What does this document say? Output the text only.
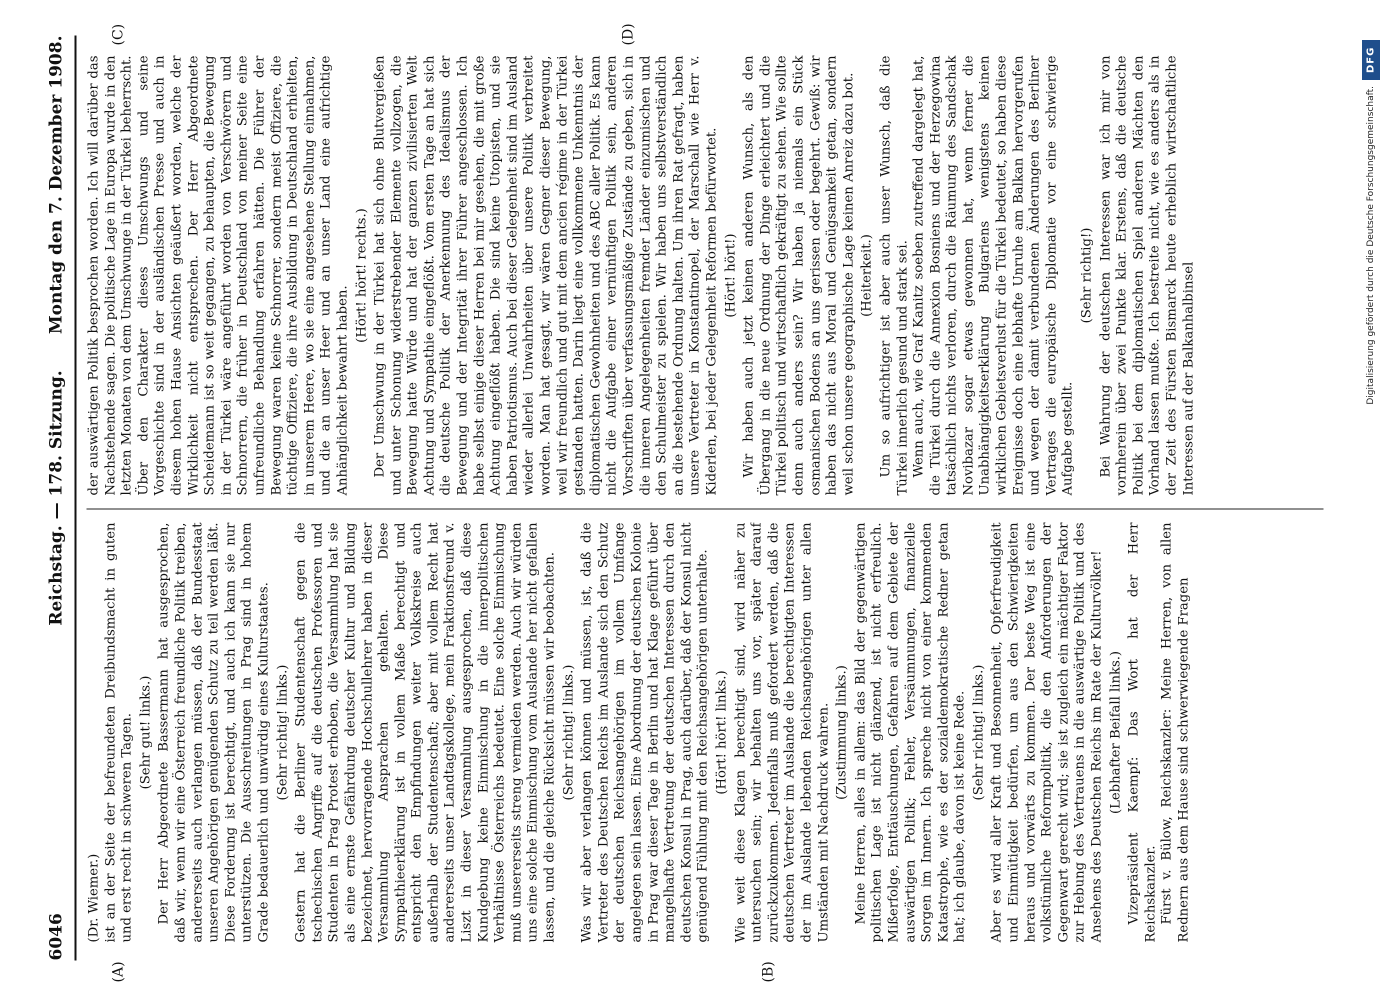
6046
Reichstag. — 178. Sitzung.
Montag den 7. Dezember 1908.
(A)	(B)
(C)	(D)

(Dr. Wiemer.) ist an der Seite der befreundeten Dreibundsmacht in guten und erst recht in schweren Tagen. (Sehr gut! links.) Der Herr Abgeordnete Bassermann hat ausgesprochen, daß wir, wenn wir eine Österreich freundliche Politik treiben, andererseits auch verlangen müssen, daß der Bundesstaat unseren Angehörigen genügenden Schutz zu teil werden läßt. Diese Forderung ist berechtigt, und auch ich kann sie nur unterstützen. Die Ausschreitungen in Prag sind in hohem Grade bedauerlich und unwürdig eines Kulturstaates. (Sehr richtig! links.) Gestern hat die Berliner Studentenschaft gegen die tschechischen Angriffe auf die deutschen Professoren und Studenten in Prag Protest erhoben, die Versammlung hat sie als eine ernste Gefährdung deutscher Kultur und Bildung bezeichnet, hervorragende Hochschullehrer haben in dieser Versammlung Ansprachen gehalten. Diese Sympathieerklärung ist in vollem Maße berechtigt und entspricht den Empfindungen weiter Volkskreise auch außerhalb der Studentenschaft; aber mit vollem Recht hat andererseits unser Landtagskollege, mein Fraktionsfreund v. Liszt in dieser Versammlung ausgesprochen, daß diese Kundgebung keine Einmischung in die innerpolitischen Verhältnisse Österreichs bedeutet. Eine solche Einmischung muß unsererseits streng vermieden werden. Auch wir würden uns eine solche Einmischung vom Auslande her nicht gefallen lassen, und die gleiche Rücksicht müssen wir beobachten. (Sehr richtig! links.) Was wir aber verlangen können und müssen, ist, daß die Vertreter des Deutschen Reichs im Auslande sich den Schutz der deutschen Reichsangehörigen im vollem Umfange angelegen sein lassen. Eine Abordnung der deutschen Kolonie in Prag war dieser Tage in Berlin und hat Klage geführt über mangelhafte Vertretung der deutschen Interessen durch den deutschen Konsul in Prag, auch darüber, daß der Konsul nicht genügend Fühlung mit den Reichsangehörigen unterhalte. (Hört! hört! links.) Wie weit diese Klagen berechtigt sind, wird näher zu untersuchen sein; wir behalten uns vor, später darauf zurückzukommen. Jedenfalls muß gefordert werden, daß die deutschen Vertreter im Auslande die berechtigten Interessen der im Auslande lebenden Reichsangehörigen unter allen Umständen mit Nachdruck wahren. (Zustimmung links.) Meine Herren, alles in allem: das Bild der gegenwärtigen politischen Lage ist nicht glänzend, ist nicht erfreulich. Mißerfolge, Enttäuschungen, Gefahren auf dem Gebiete der auswärtigen Politik; Fehler, Versäumnungen, finanzielle Sorgen im Innern. Ich spreche nicht von einer kommenden Katastrophe, wie es der sozialdemokratische Redner getan hat; ich glaube, davon ist keine Rede. (Sehr richtig! links.) Aber es wird aller Kraft und Besonnenheit, Opferfreudigkeit und Einmütigkeit bedürfen, um aus den Schwierigkeiten heraus und vorwärts zu kommen. Der beste Weg ist eine volkstümliche Reformpolitik, die den Anforderungen der Gegenwart gerecht wird; sie ist zugleich ein mächtiger Faktor zur Hebung des Vertrauens in die auswärtige Politik und des Ansehens des Deutschen Reichs im Rate der Kulturvölker! (Lebhafter Beifall links.) Vizepräsident Kaempf: Das Wort hat der Herr Reichskanzler. Fürst v. Bülow, Reichskanzler: Meine Herren, von allen Rednern aus dem Hause sind schwerwiegende Fragen

der auswärtigen Politik besprochen worden. Ich will darüber das Nachstehende sagen. Die politische Lage in Europa wurde in den letzten Monaten von dem Umschwunge in der Türkei beherrscht. Über den Charakter dieses Umschwungs und seine Vorgeschichte sind in der ausländischen Presse und auch in diesem hohen Hause Ansichten geäußert worden, welche der Wirklichkeit nicht entsprechen. Der Herr Abgeordnete Scheidemann ist so weit gegangen, zu behaupten, die Bewegung in der Türkei wäre angeführt worden von Verschwörern und Schnorrern, die früher in Deutschland von meiner Seite eine unfreundliche Behandlung erfahren hätten. Die Führer der Bewegung waren keine Schnorrer, sondern meist Offiziere, die tüchtige Offiziere, die ihre Ausbildung in Deutschland erhielten, in unserem Heere, wo sie eine angesehene Stellung einnahmen, und die an unser Heer und an unser Land eine aufrichtige Anhänglichkeit bewahrt haben.

(Hört! hört! rechts.) Der Umschwung in der Türkei hat sich ohne Blutvergießen und unter Schonung widerstrebender Elemente vollzogen, die Bewegung hatte Würde und hat der ganzen zivilisierten Welt Achtung und Sympathie eingeflößt. Vom ersten Tage an hat sich die deutsche Politik der Anerkennung des Idealismus der Bewegung und der Integrität ihrer Führer angeschlossen. Ich habe selbst einige dieser Herren bei mir gesehen, die mit große Achtung eingeflößt haben. Die sind keine Utopisten, und sie haben Patriotismus. Auch bei dieser Gelegenheit sind im Ausland wieder allerlei Unwahrheiten über unsere Politik verbreitet worden. Man hat gesagt, wir wären Gegner dieser Bewegung, weil wir freundlich und gut mit dem ancien régime in der Türkei gestanden hatten. Darin liegt eine vollkommene Unkenntnis der diplomatischen Gewohnheiten und des ABC aller Politik. Es kann nicht die Aufgabe einer vernünftigen Politik sein, anderen Vorschriften über verfassungsmäßige Zustände zu geben, sich in die inneren Angelegenheiten fremder Länder einzumischen und den Schulmeister zu spielen. Wir haben uns selbstverständlich an die bestehende Ordnung halten. Um ihren Rat gefragt, haben unsere Vertreter in Konstantinopel, der Marschall wie Herr v. Kiderlen, bei jeder Gelegenheit Reformen befürwortet. (Hört! hört!) Wir haben auch jetzt keinen anderen Wunsch, als den Übergang in die neue Ordnung der Dinge erleichtert und die Türkei politisch und wirtschaftlich gekräftigt zu sehen. Wie sollte denn auch anders sein? Wir haben ja niemals ein Stück osmanischen Bodens an uns gerissen oder begehrt. Gewiß: wir haben das nicht aus Moral und Genügsamkeit getan, sondern weil schon unsere geographische Lage keinen Anreiz dazu bot. (Heiterkeit.) Um so aufrichtiger ist aber auch unser Wunsch, daß die Türkei innerlich gesund und stark sei. Wenn auch, wie Graf Kanitz soeben zutreffend dargelegt hat, die Türkei durch die Annexion Bosniens und der Herzegowina tatsächlich nichts verloren, durch die Räumung des Sandschak Novibazar sogar etwas gewonnen hat, wenn ferner die Unabhängigkeitserklärung Bulgariens wenigstens keinen wirklichen Gebietsverlust für die Türkei bedeutet, so haben diese Ereignisse doch eine lebhafte Unruhe am Balkan hervorgerufen und wegen der damit verbundenen Änderungen des Berliner Vertrages die europäische Diplomatie vor eine schwierige Aufgabe gestellt.

(Sehr richtig!) Bei Wahrung der deutschen Interessen war ich mir von vornherein über zwei Punkte klar. Erstens, daß die deutsche Politik bei dem diplomatischen Spiel anderen Mächten den Vorhand lassen mußte. Ich bestreite nicht, wie es anders als in der Zeit des Fürsten Bismarck heute erheblich wirtschaftliche Interessen auf der Balkanhalbinsel

DFG
Digitalisierung gefördert durch die Deutsche Forschungsgemeinschaft.
